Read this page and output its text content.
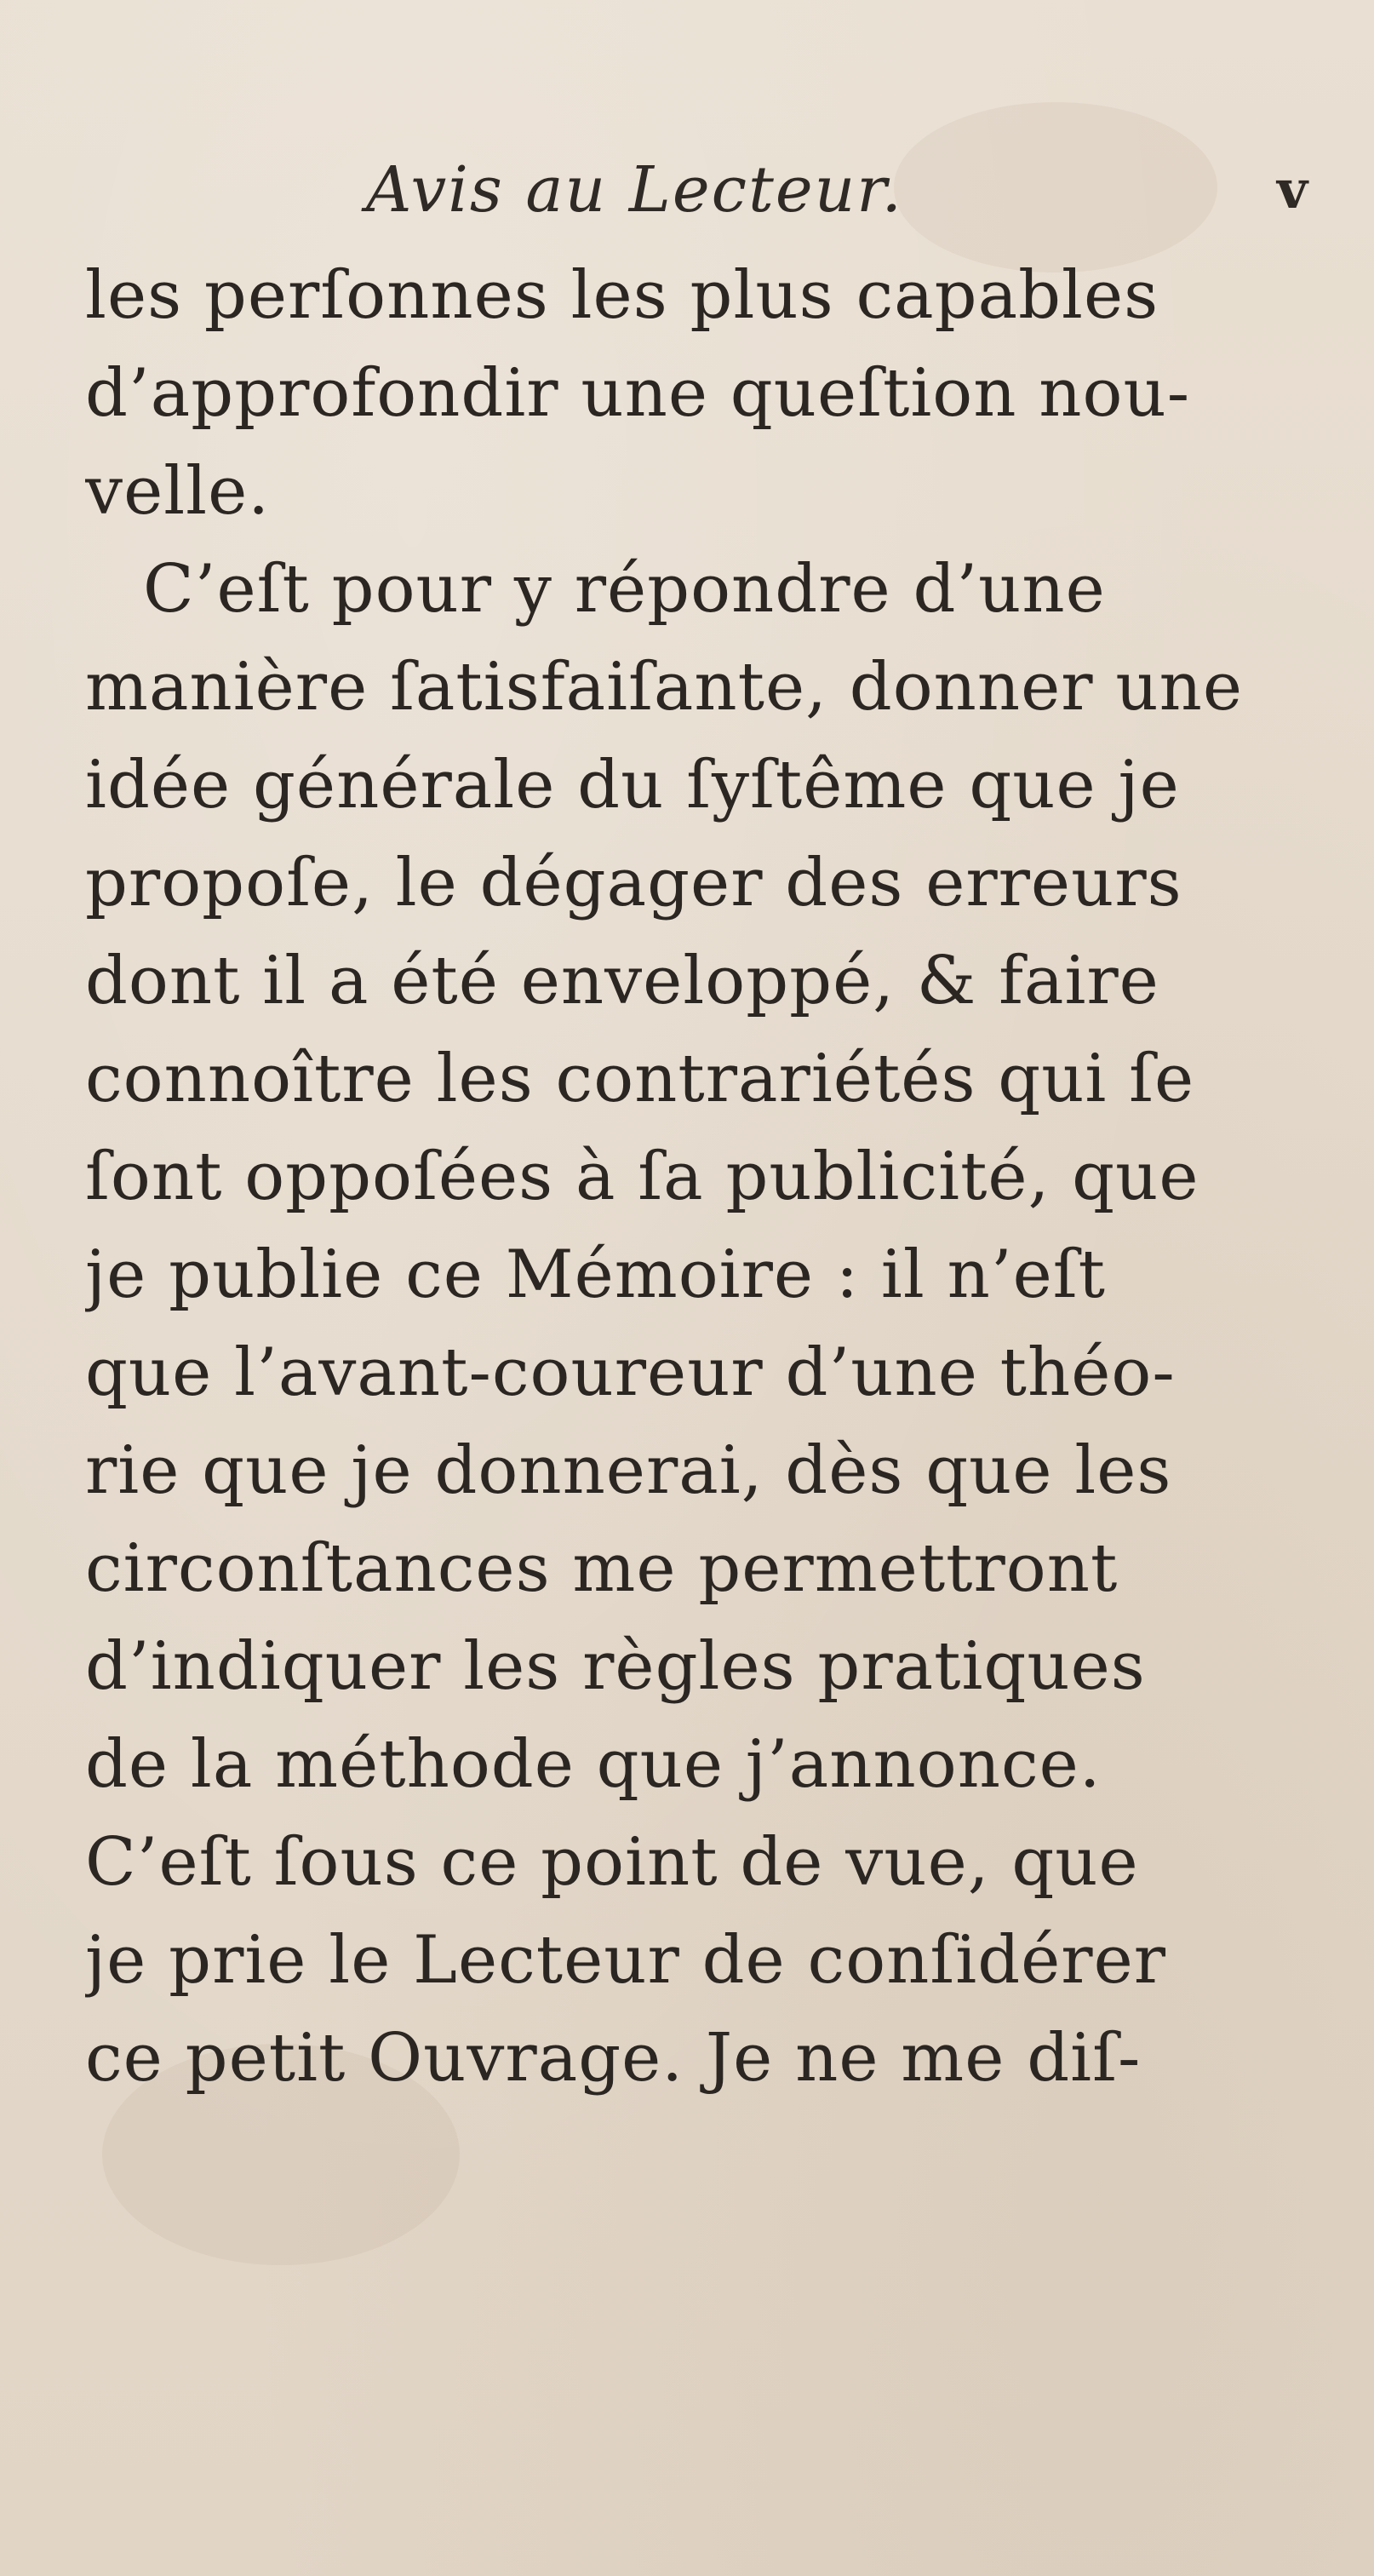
Avis au Lecteur.	v
les perſonnes les plus capables
d’approfondir une queſtion nou-
velle.
C’eſt pour y répondre d’une
manière ſatisfaiſante, donner une
idée générale du ſyſtême que je
propoſe, le dégager des erreurs
dont il a été enveloppé, & faire
connoître les contrariétés qui ſe
ſont oppoſées à ſa publicité, que
je publie ce Mémoire : il n’eſt
que l’avant-coureur d’une théo-
rie que je donnerai, dès que les
circonſtances me permettront
d’indiquer les règles pratiques
de la méthode que j’annonce.
C’eſt ſous ce point de vue, que
je prie le Lecteur de conſidérer
ce petit Ouvrage. Je ne me diſ-
